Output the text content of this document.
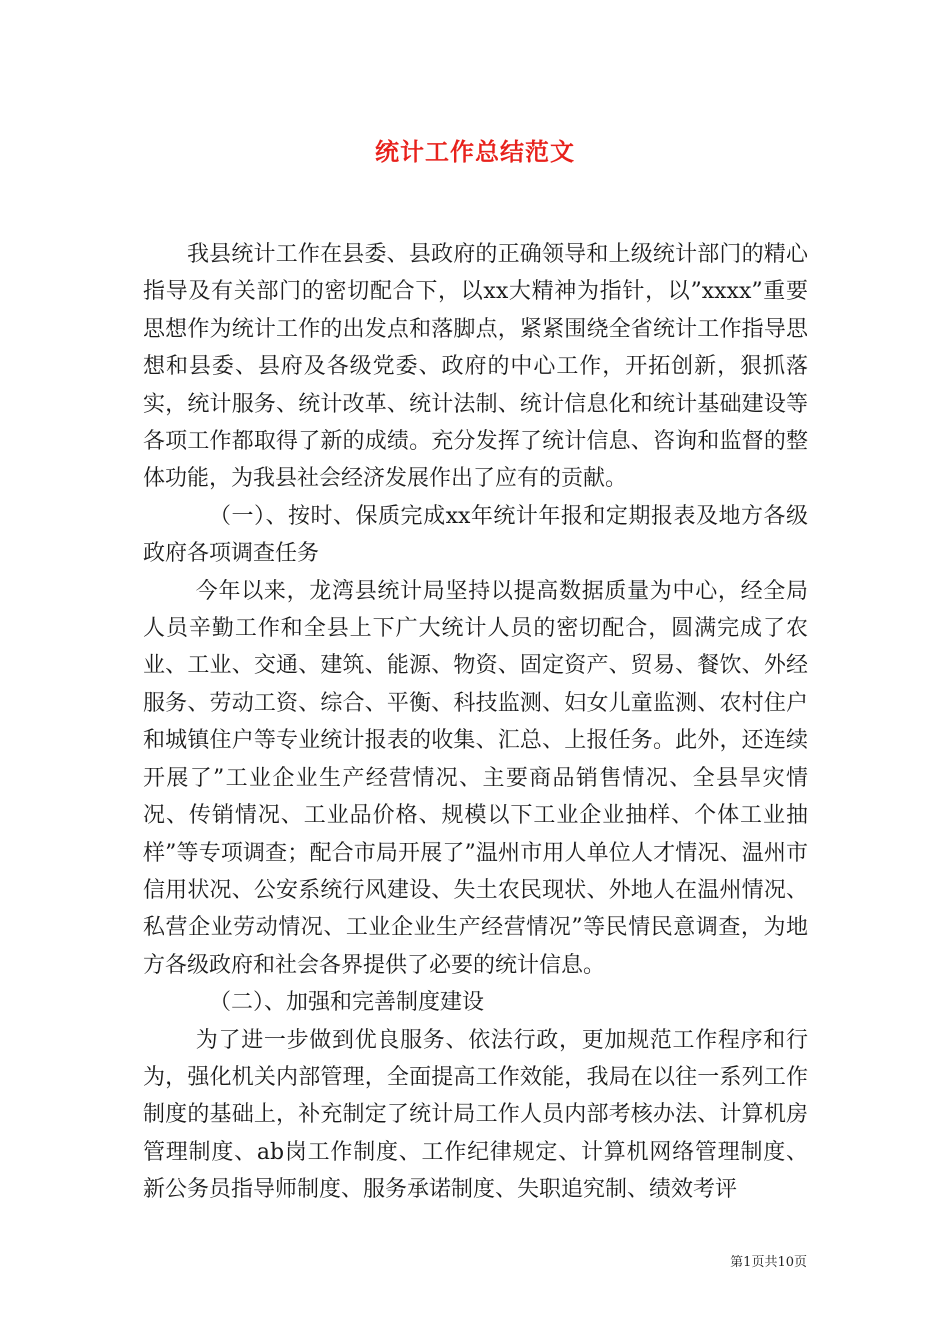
统计工作总结范文

我县统计工作在县委、县政府的正确领导和上级统计部门的精心指导及有关部门的密切配合下，以xx大精神为指针，以”xxxx”重要思想作为统计工作的出发点和落脚点，紧紧围绕全省统计工作指导思想和县委、县府及各级党委、政府的中心工作，开拓创新，狠抓落实，统计服务、统计改革、统计法制、统计信息化和统计基础建设等各项工作都取得了新的成绩。充分发挥了统计信息、咨询和监督的整体功能，为我县社会经济发展作出了应有的贡献。

（一）、按时、保质完成xx年统计年报和定期报表及地方各级政府各项调查任务

今年以来，龙湾县统计局坚持以提高数据质量为中心，经全局人员辛勤工作和全县上下广大统计人员的密切配合，圆满完成了农业、工业、交通、建筑、能源、物资、固定资产、贸易、餐饮、外经服务、劳动工资、综合、平衡、科技监测、妇女儿童监测、农村住户和城镇住户等专业统计报表的收集、汇总、上报任务。此外，还连续开展了”工业企业生产经营情况、主要商品销售情况、全县旱灾情况、传销情况、工业品价格、规模以下工业企业抽样、个体工业抽样”等专项调查；配合市局开展了”温州市用人单位人才情况、温州市信用状况、公安系统行风建设、失土农民现状、外地人在温州情况、私营企业劳动情况、工业企业生产经营情况”等民情民意调查，为地方各级政府和社会各界提供了必要的统计信息。

（二）、加强和完善制度建设

为了进一步做到优良服务、依法行政，更加规范工作程序和行为，强化机关内部管理，全面提高工作效能，我局在以往一系列工作制度的基础上，补充制定了统计局工作人员内部考核办法、计算机房管理制度、ab岗工作制度、工作纪律规定、计算机网络管理制度、新公务员指导师制度、服务承诺制度、失职追究制、绩效考评

第1页共10页
